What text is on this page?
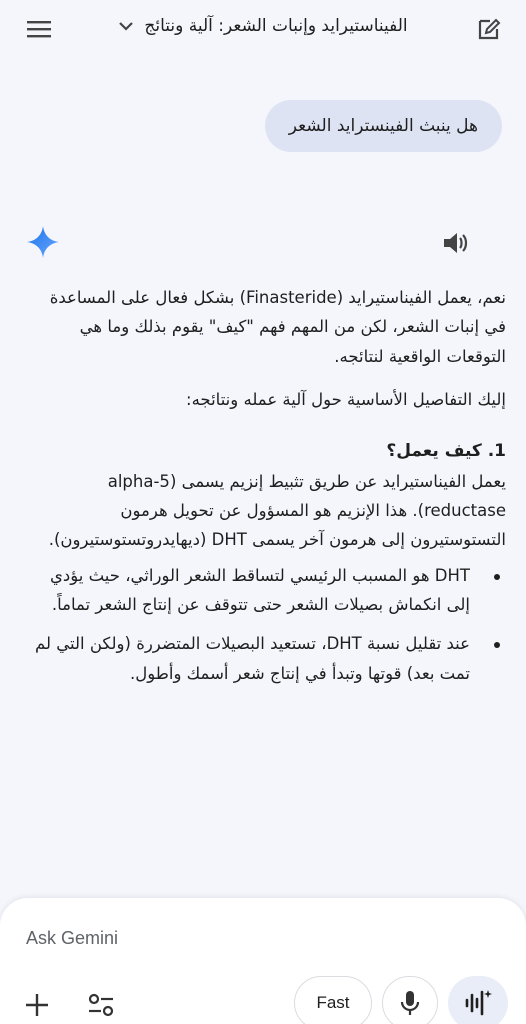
الفيناستيرايد وإنبات الشعر: آلية ونتائج
هل ينبث الفينسترايد الشعر

نعم، يعمل الفيناستيرايد (Finasteride) بشكل فعال على المساعدة في إنبات الشعر، لكن من المهم فهم "كيف" يقوم بذلك وما هي التوقعات الواقعية لنتائجه.

إليك التفاصيل الأساسية حول آلية عمله ونتائجه:

1. كيف يعمل؟

يعمل الفيناستيرايد عن طريق تثبيط إنزيم يسمى (alpha-5 reductase). هذا الإنزيم هو المسؤول عن تحويل هرمون التستوستيرون إلى هرمون آخر يسمى DHT (ديهايدروتستوستيرون).

DHT هو المسبب الرئيسي لتساقط الشعر الوراثي، حيث يؤدي إلى انكماش بصيلات الشعر حتى تتوقف عن إنتاج الشعر تماماً.
عند تقليل نسبة DHT، تستعيد البصيلات المتضررة (ولكن التي لم تمت بعد) قوتها وتبدأ في إنتاج شعر أسمك وأطول.
Ask Gemini
Fast
